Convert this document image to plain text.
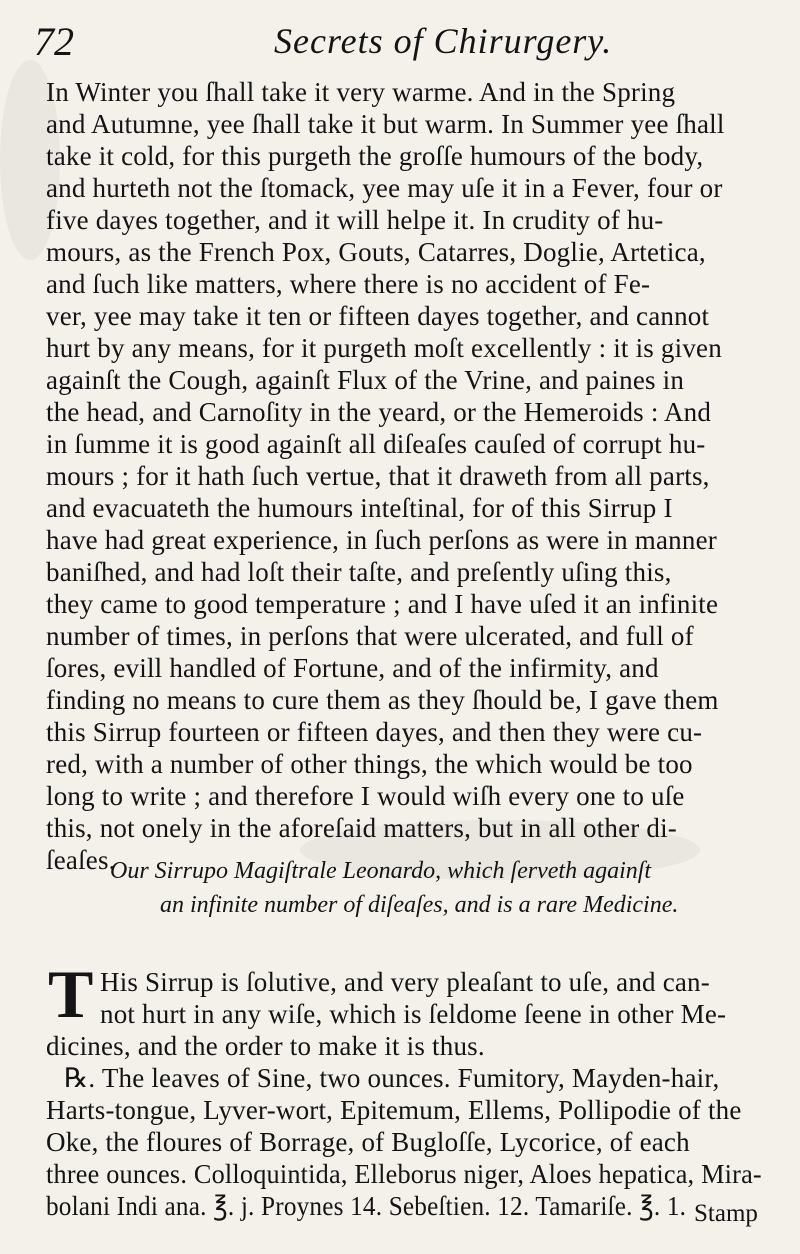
72	Secrets of Chirurgery.
In Winter you ſhall take it very warme. And in the Spring
and Autumne, yee ſhall take it but warm. In Summer yee ſhall
take it cold, for this purgeth the groſſe humours of the body,
and hurteth not the ſtomack, yee may uſe it in a Fever, four or
five dayes together, and it will helpe it. In crudity of hu-
mours, as the French Pox, Gouts, Catarres, Doglie, Artetica,
and ſuch like matters, where there is no accident of Fe-
ver, yee may take it ten or fifteen dayes together, and cannot
hurt by any means, for it purgeth moſt excellently : it is given
againſt the Cough, againſt Flux of the Vrine, and paines in
the head, and Carnoſity in the yeard, or the Hemeroids : And
in ſumme it is good againſt all diſeaſes cauſed of corrupt hu-
mours ; for it hath ſuch vertue, that it draweth from all parts,
and evacuateth the humours inteſtinal, for of this Sirrup I
have had great experience, in ſuch perſons as were in manner
baniſhed, and had loſt their taſte, and preſently uſing this,
they came to good temperature ; and I have uſed it an infinite
number of times, in perſons that were ulcerated, and full of
ſores, evill handled of Fortune, and of the infirmity, and
finding no means to cure them as they ſhould be, I gave them
this Sirrup fourteen or fifteen dayes, and then they were cu-
red, with a number of other things, the which would be too
long to write ; and therefore I would wiſh every one to uſe
this, not onely in the aforeſaid matters, but in all other di-
ſeaſes.
Our Sirrupo Magiſtrale Leonardo, which ſerveth againſt
an infinite number of diſeaſes, and is a rare Medicine.
T His Sirrup is ſolutive, and very pleaſant to uſe, and can-
not hurt in any wiſe, which is ſeldome ſeene in other Me-
dicines, and the order to make it is thus.
℞. The leaves of Sine, two ounces. Fumitory, Mayden-hair,
Harts-tongue, Lyver-wort, Epitemum, Ellems, Pollipodie of the
Oke, the floures of Borrage, of Bugloſſe, Lycorice, of each
three ounces. Colloquintida, Elleborus niger, Aloes hepatica, Mira-
bolani Indi ana. ℥. j. Proynes 14. Sebeſtien. 12. Tamariſe. ℥. 1. Stamp
